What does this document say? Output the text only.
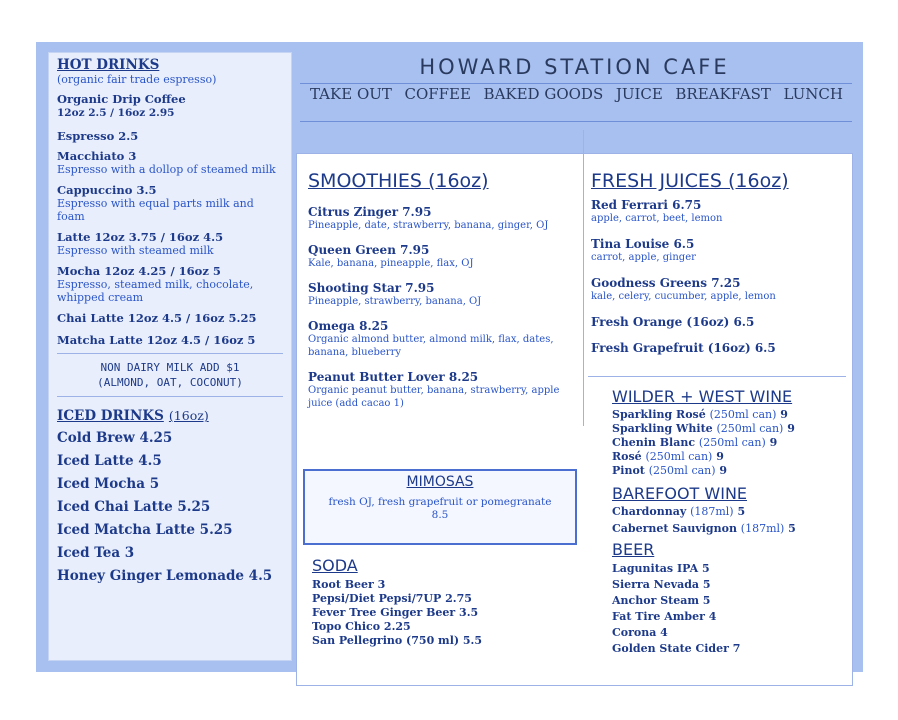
HOT DRINKS
(organic fair trade espresso)
Organic Drip Coffee
12oz 2.5 / 16oz 2.95
Espresso 2.5
Macchiato 3
Espresso with a dollop of steamed milk
Cappuccino 3.5
Espresso with equal parts milk and foam
Latte 12oz 3.75 / 16oz 4.5
Espresso with steamed milk
Mocha 12oz 4.25 / 16oz 5
Espresso, steamed milk, chocolate, whipped cream
Chai Latte 12oz 4.5 / 16oz 5.25
Matcha Latte 12oz 4.5 / 16oz 5
NON DAIRY MILK ADD $1
(ALMOND, OAT, COCONUT)
ICED DRINKS (16oz)
Cold Brew 4.25
Iced Latte 4.5
Iced Mocha 5
Iced Chai Latte 5.25
Iced Matcha Latte 5.25
Iced Tea 3
Honey Ginger Lemonade 4.5
HOWARD STATION CAFE
TAKE OUT COFFEE BAKED GOODS JUICE BREAKFAST LUNCH
SMOOTHIES (16oz)
Citrus Zinger 7.95
Pineapple, date, strawberry, banana, ginger, OJ
Queen Green 7.95
Kale, banana, pineapple, flax, OJ
Shooting Star 7.95
Pineapple, strawberry, banana, OJ
Omega 8.25
Organic almond butter, almond milk, flax, dates, banana, blueberry
Peanut Butter Lover 8.25
Organic peanut butter, banana, strawberry, apple juice (add cacao 1)
MIMOSAS
fresh OJ, fresh grapefruit or pomegranate
8.5
SODA
Root Beer 3
Pepsi/Diet Pepsi/7UP 2.75
Fever Tree Ginger Beer 3.5
Topo Chico 2.25
San Pellegrino (750 ml) 5.5
FRESH JUICES (16oz)
Red Ferrari 6.75
apple, carrot, beet, lemon
Tina Louise 6.5
carrot, apple, ginger
Goodness Greens 7.25
kale, celery, cucumber, apple, lemon
Fresh Orange (16oz) 6.5
Fresh Grapefruit (16oz) 6.5
WILDER + WEST WINE
Sparkling Rosé (250ml can) 9
Sparkling White (250ml can) 9
Chenin Blanc (250ml can) 9
Rosé (250ml can) 9
Pinot (250ml can) 9
BAREFOOT WINE
Chardonnay (187ml) 5
Cabernet Sauvignon (187ml) 5
BEER
Lagunitas IPA 5
Sierra Nevada 5
Anchor Steam 5
Fat Tire Amber 4
Corona 4
Golden State Cider 7
